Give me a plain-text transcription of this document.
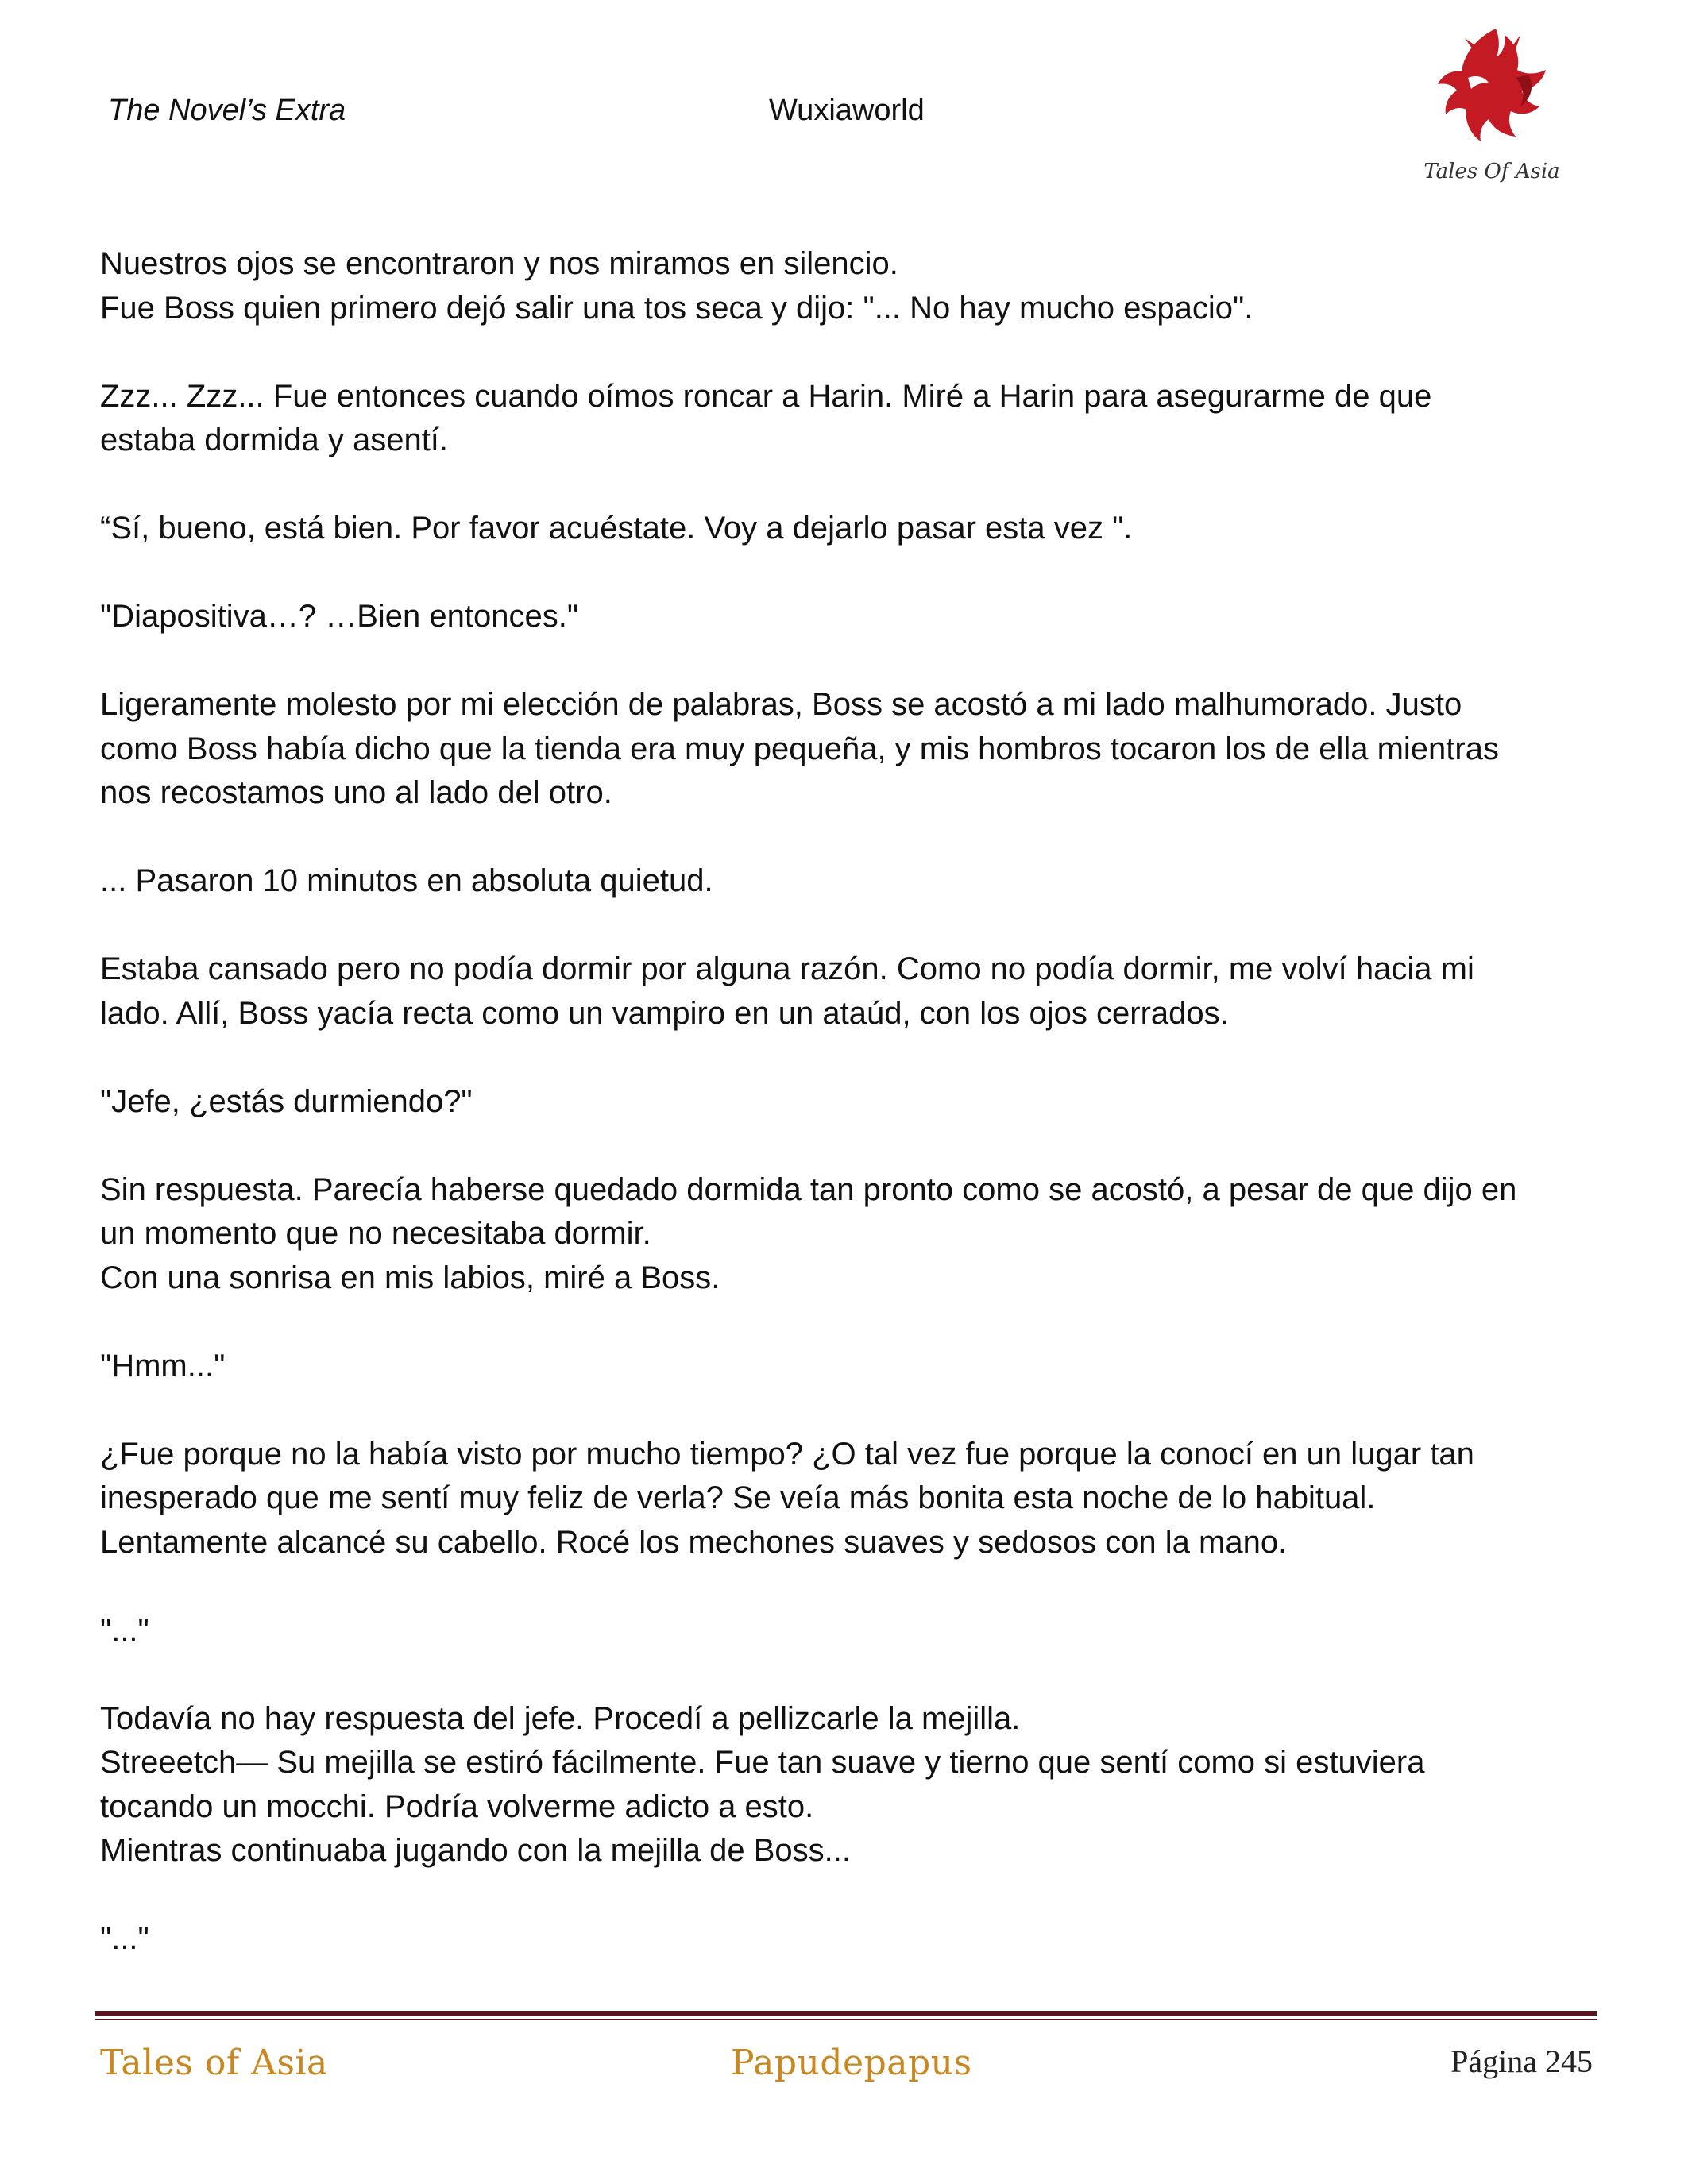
The Novel’s Extra	Wuxiaworld
Tales Of Asia

Nuestros ojos se encontraron y nos miramos en silencio.
Fue Boss quien primero dejó salir una tos seca y dijo: "... No hay mucho espacio".

Zzz... Zzz... Fue entonces cuando oímos roncar a Harin. Miré a Harin para asegurarme de que
estaba dormida y asentí.

“Sí, bueno, está bien. Por favor acuéstate. Voy a dejarlo pasar esta vez ".

"Diapositiva…? …Bien entonces."

Ligeramente molesto por mi elección de palabras, Boss se acostó a mi lado malhumorado. Justo
como Boss había dicho que la tienda era muy pequeña, y mis hombros tocaron los de ella mientras
nos recostamos uno al lado del otro.

... Pasaron 10 minutos en absoluta quietud.

Estaba cansado pero no podía dormir por alguna razón. Como no podía dormir, me volví hacia mi
lado. Allí, Boss yacía recta como un vampiro en un ataúd, con los ojos cerrados.

"Jefe, ¿estás durmiendo?"

Sin respuesta. Parecía haberse quedado dormida tan pronto como se acostó, a pesar de que dijo en
un momento que no necesitaba dormir.
Con una sonrisa en mis labios, miré a Boss.

"Hmm..."

¿Fue porque no la había visto por mucho tiempo? ¿O tal vez fue porque la conocí en un lugar tan
inesperado que me sentí muy feliz de verla? Se veía más bonita esta noche de lo habitual.
Lentamente alcancé su cabello. Rocé los mechones suaves y sedosos con la mano.

"..."

Todavía no hay respuesta del jefe. Procedí a pellizcarle la mejilla.
Streeetch— Su mejilla se estiró fácilmente. Fue tan suave y tierno que sentí como si estuviera
tocando un mocchi. Podría volverme adicto a esto.
Mientras continuaba jugando con la mejilla de Boss...

"..."

Tales of Asia	Papudepapus	Página 245
